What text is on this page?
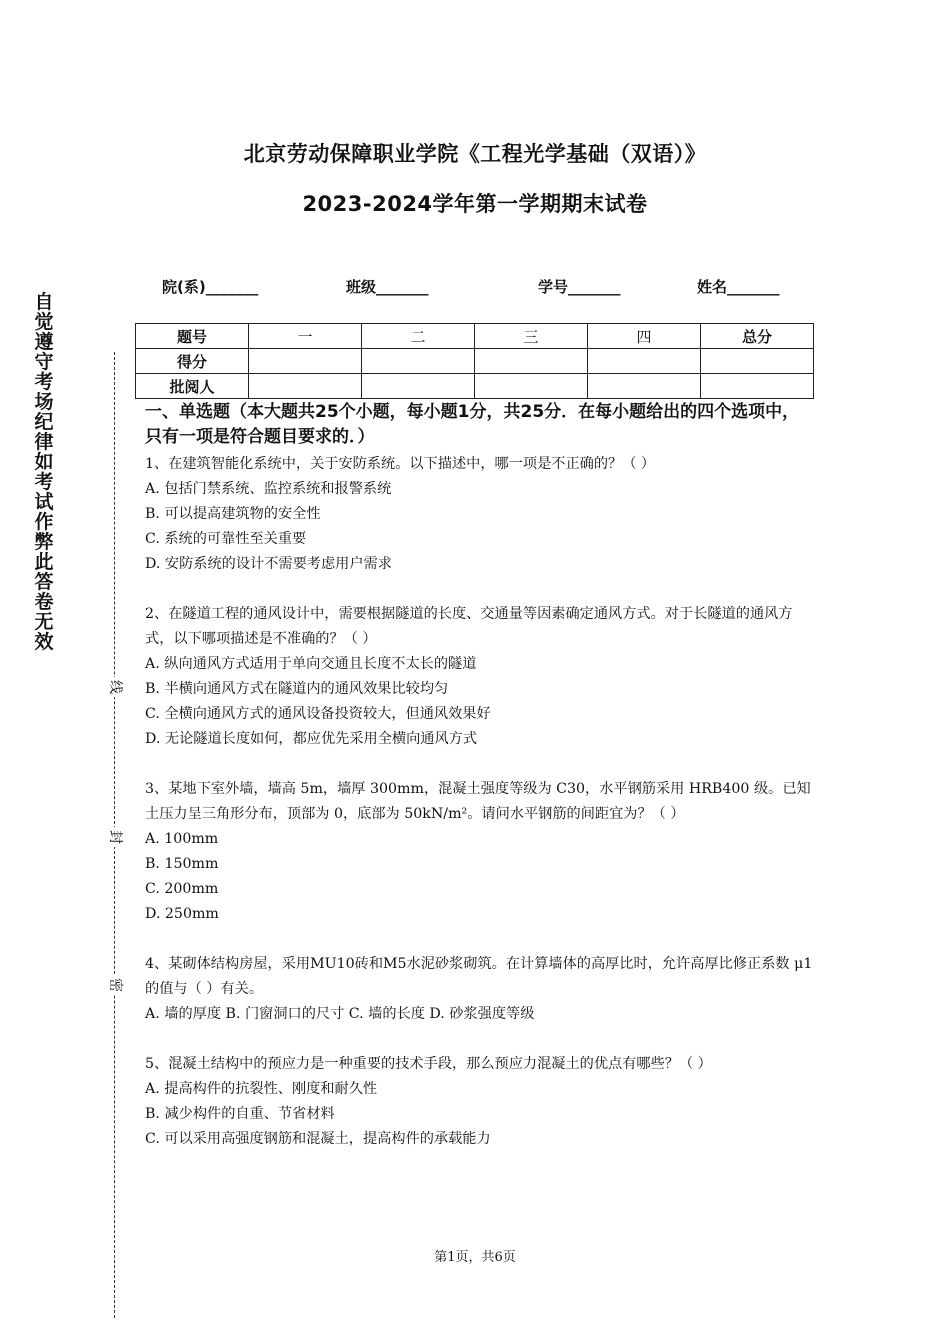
北京劳动保障职业学院《工程光学基础（双语）》
2023-2024学年第一学期期末试卷
院(系)_______	班级_______	学号_______	姓名_______
题号	一	二	三	四	总分
得分					
批阅人					
自觉遵守考场纪律如考试作弊此答卷无效
线
封
密
一、单选题（本大题共25个小题，每小题1分，共25分．在每小题给出的四个选项中，只有一项是符合题目要求的．）
1、在建筑智能化系统中，关于安防系统。以下描述中，哪一项是不正确的？（ ）
A. 包括门禁系统、监控系统和报警系统
B. 可以提高建筑物的安全性
C. 系统的可靠性至关重要
D. 安防系统的设计不需要考虑用户需求
2、在隧道工程的通风设计中，需要根据隧道的长度、交通量等因素确定通风方式。对于长隧道的通风方式，以下哪项描述是不准确的？（ ）
A. 纵向通风方式适用于单向交通且长度不太长的隧道
B. 半横向通风方式在隧道内的通风效果比较均匀
C. 全横向通风方式的通风设备投资较大，但通风效果好
D. 无论隧道长度如何，都应优先采用全横向通风方式
3、某地下室外墙，墙高 5m，墙厚 300mm，混凝土强度等级为 C30，水平钢筋采用 HRB400 级。已知土压力呈三角形分布，顶部为 0，底部为 50kN/m²。请问水平钢筋的间距宜为？（ ）
A. 100mm
B. 150mm
C. 200mm
D. 250mm
4、某砌体结构房屋，采用MU10砖和M5水泥砂浆砌筑。在计算墙体的高厚比时，允许高厚比修正系数 μ1 的值与（ ）有关。
A. 墙的厚度 B. 门窗洞口的尺寸 C. 墙的长度 D. 砂浆强度等级
5、混凝土结构中的预应力是一种重要的技术手段，那么预应力混凝土的优点有哪些？（ ）
A. 提高构件的抗裂性、刚度和耐久性
B. 减少构件的自重、节省材料
C. 可以采用高强度钢筋和混凝土，提高构件的承载能力
第1页，共6页
